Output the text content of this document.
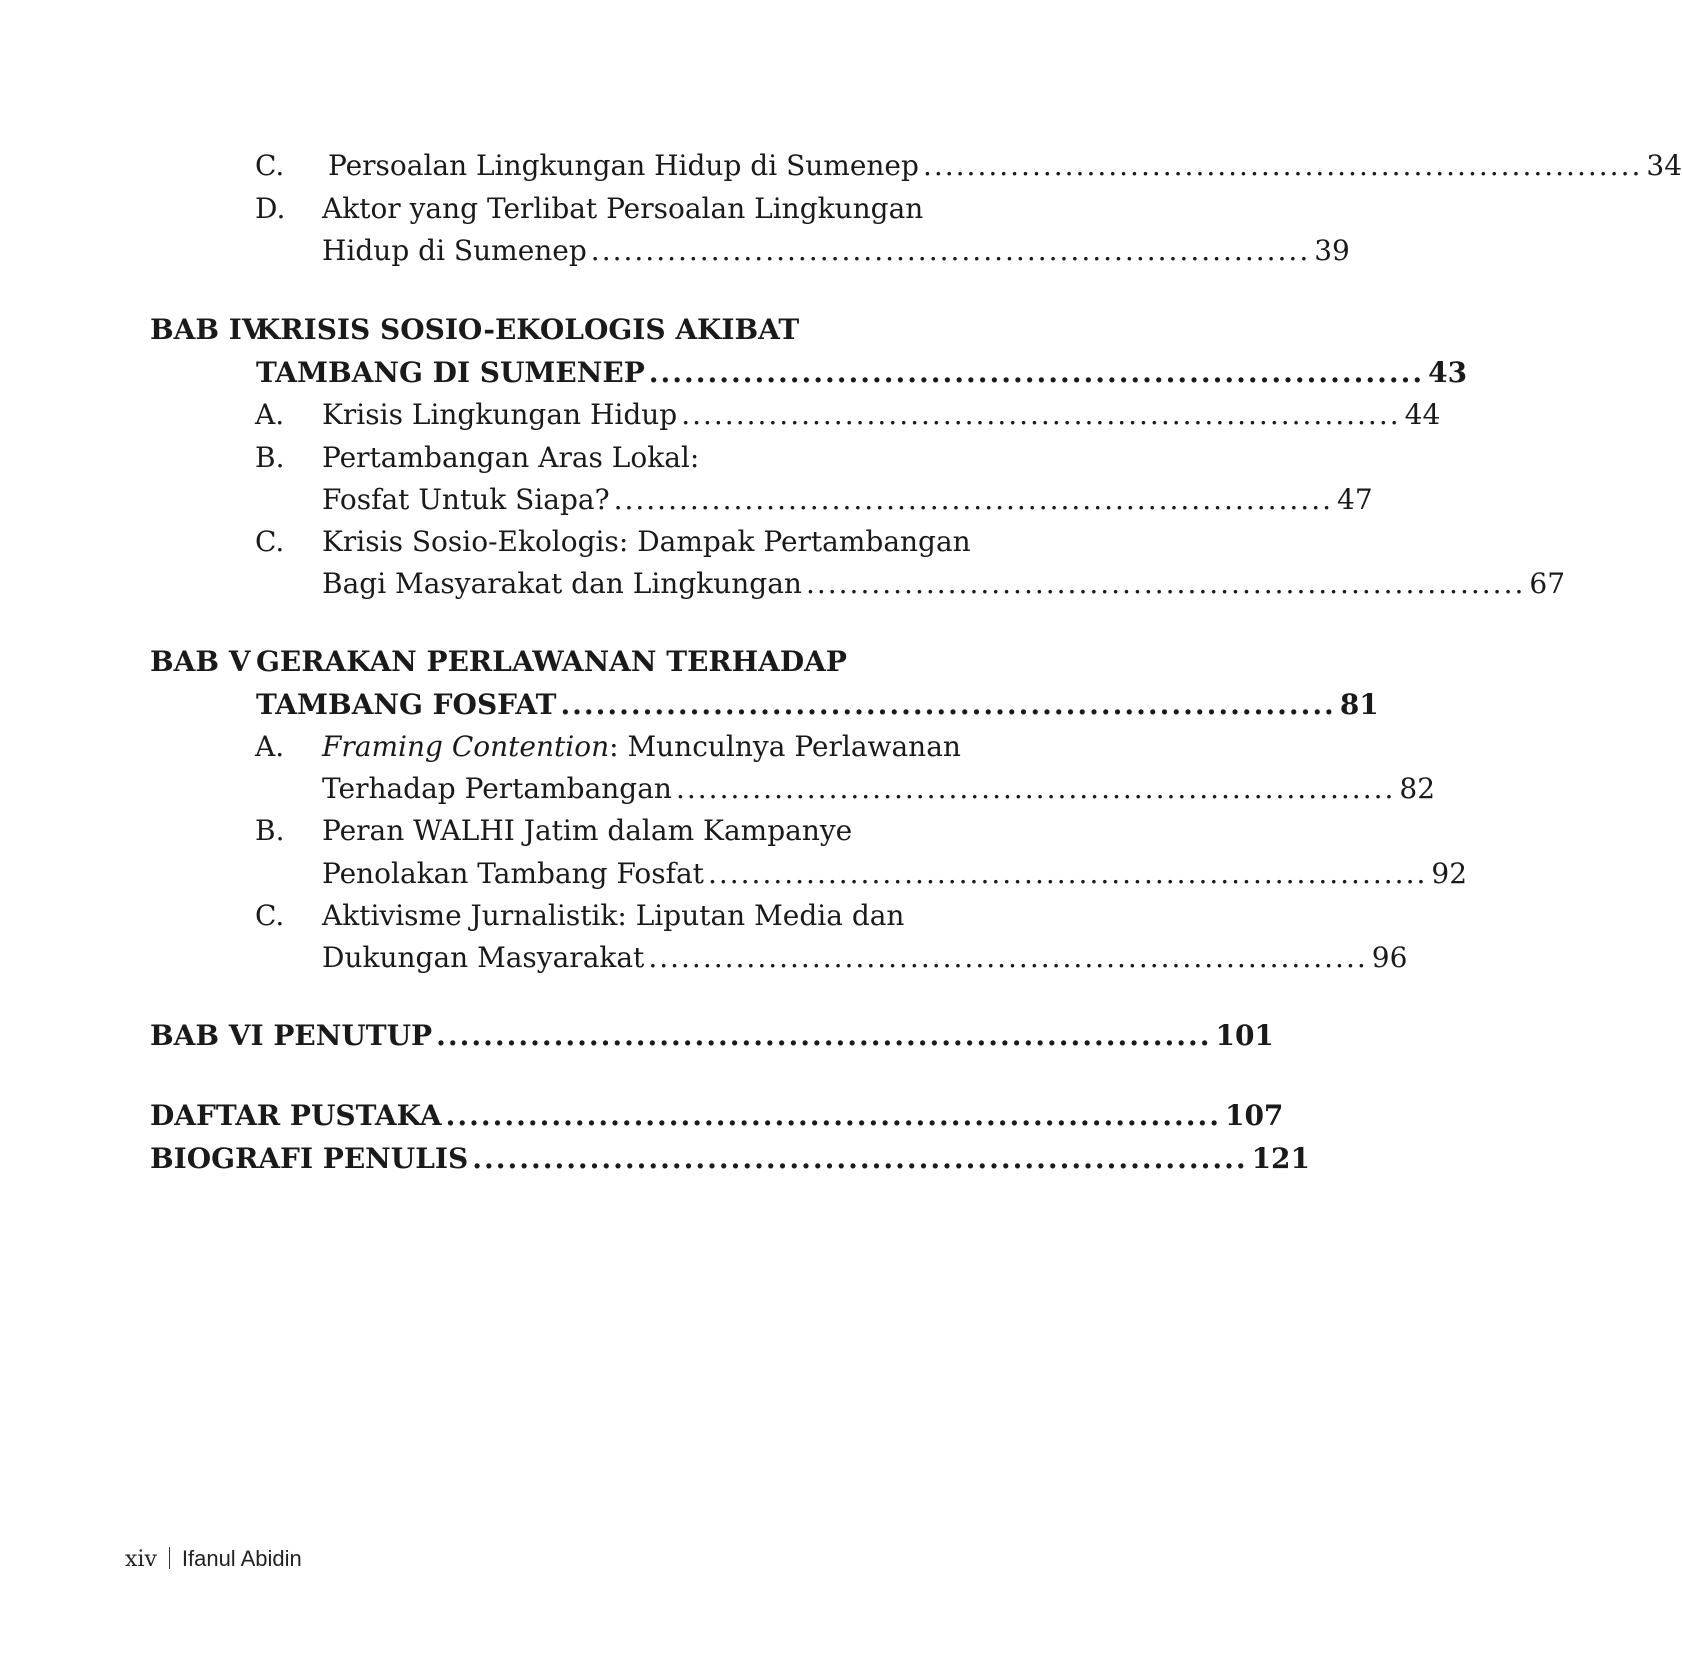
C. Persoalan Lingkungan Hidup di Sumenep .................................................................. 34
D. Aktor yang Terlibat Persoalan Lingkungan
Hidup di Sumenep .................................................................. 39
BAB IV
KRISIS SOSIO-EKOLOGIS AKIBAT
TAMBANG DI SUMENEP .................................................................. 43
A. Krisis Lingkungan Hidup .................................................................. 44
B. Pertambangan Aras Lokal:
Fosfat Untuk Siapa? .................................................................. 47
C. Krisis Sosio-Ekologis: Dampak Pertambangan
Bagi Masyarakat dan Lingkungan .................................................................. 67
BAB V GERAKAN PERLAWANAN TERHADAP
TAMBANG FOSFAT .................................................................. 81
A. Framing Contention: Munculnya Perlawanan
Terhadap Pertambangan .................................................................. 82
B. Peran WALHI Jatim dalam Kampanye
Penolakan Tambang Fosfat .................................................................. 92
C. Aktivisme Jurnalistik: Liputan Media dan
Dukungan Masyarakat .................................................................. 96
BAB VI PENUTUP .................................................................. 101
DAFTAR PUSTAKA .................................................................. 107
BIOGRAFI PENULIS .................................................................. 121
xiv Ifanul Abidin
